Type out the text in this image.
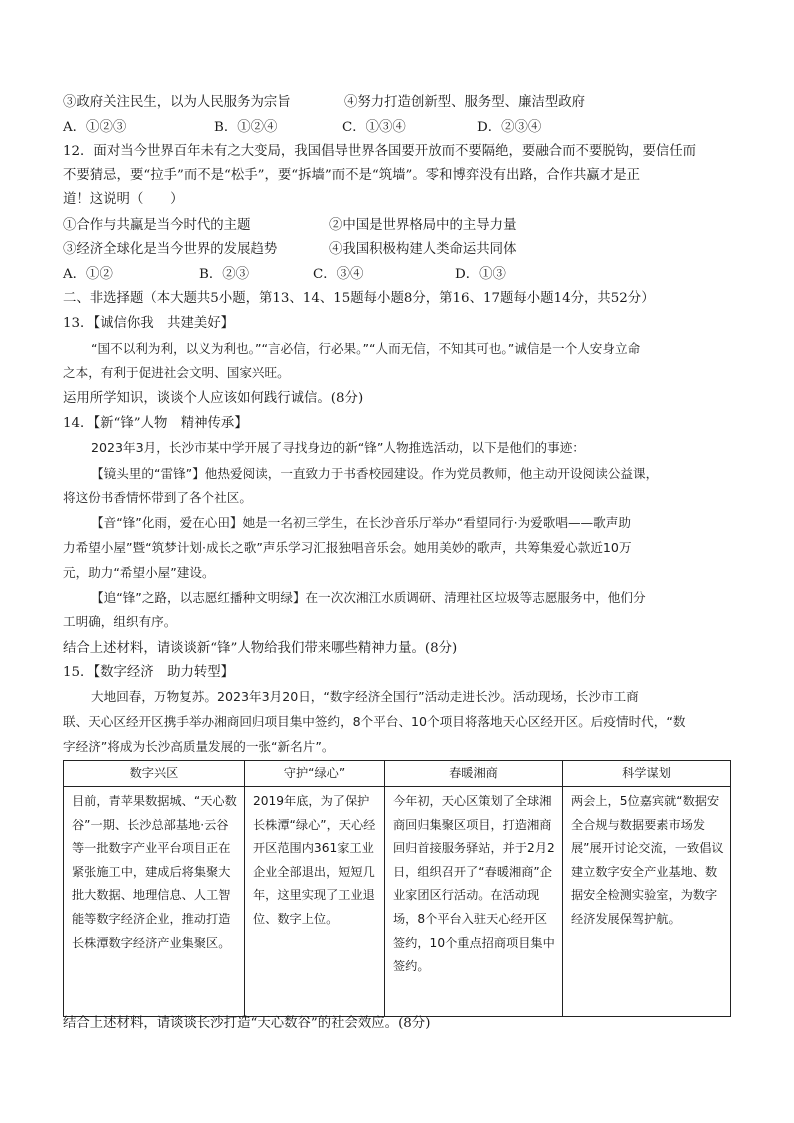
③政府关注民生，以为人民服务为宗旨	④努力打造创新型、服务型、廉洁型政府
A．①②③	B．①②④	C．①③④	D．②③④
12．面对当今世界百年未有之大变局，我国倡导世界各国要开放而不要隔绝，要融合而不要脱钩，要信任而
不要猜忌，要“拉手”而不是“松手”，要“拆墙”而不是“筑墙”。零和博弈没有出路，合作共赢才是正
道！这说明（　　）
①合作与共赢是当今时代的主题	②中国是世界格局中的主导力量
③经济全球化是当今世界的发展趋势	④我国积极构建人类命运共同体
A．①②	B．②③	C．③④	D．①③
二、非选择题（本大题共5小题，第13、14、15题每小题8分，第16、17题每小题14分，共52分）
13．【诚信你我　共建美好】
“国不以利为利，以义为利也。”“言必信，行必果。”“人而无信，不知其可也。”诚信是一个人安身立命
之本，有利于促进社会文明、国家兴旺。
运用所学知识，谈谈个人应该如何践行诚信。(8分)
14．【新“锋”人物　精神传承】
2023年3月，长沙市某中学开展了寻找身边的新“锋”人物推选活动，以下是他们的事迹：
【镜头里的“雷锋”】他热爱阅读，一直致力于书香校园建设。作为党员教师，他主动开设阅读公益课，
将这份书香情怀带到了各个社区。
【音“锋”化雨，爱在心田】她是一名初三学生，在长沙音乐厅举办“看望同行·为爱歌唱——歌声助
力希望小屋”暨“筑梦计划·成长之歌”声乐学习汇报独唱音乐会。她用美妙的歌声，共筹集爱心款近10万
元，助力“希望小屋”建设。
【追“锋”之路，以志愿红播种文明绿】在一次次湘江水质调研、清理社区垃圾等志愿服务中，他们分
工明确，组织有序。
结合上述材料，请谈谈新“锋”人物给我们带来哪些精神力量。(8分)
15．【数字经济　助力转型】
大地回春，万物复苏。2023年3月20日，“数字经济全国行”活动走进长沙。活动现场，长沙市工商
联、天心区经开区携手举办湘商回归项目集中签约，8个平台、10个项目将落地天心区经开区。后疫情时代，“数
字经济”将成为长沙高质量发展的一张“新名片”。
数字兴区	守护“绿心”	春暖湘商	科学谋划
目前，青苹果数据城、“天心数谷”一期、长沙总部基地·云谷等一批数字产业平台项目正在紧张施工中，建成后将集聚大批大数据、地理信息、人工智能等数字经济企业，推动打造长株潭数字经济产业集聚区。	2019年底，为了保护长株潭“绿心”，天心经开区范围内361家工业企业全部退出，短短几年，这里实现了工业退位、数字上位。	今年初，天心区策划了全球湘商回归集聚区项目，打造湘商回归首接服务驿站，并于2月2日，组织召开了“春暖湘商”企业家团区行活动。在活动现场，8个平台入驻天心经开区签约，10个重点招商项目集中签约。	两会上，5位嘉宾就“数据安全合规与数据要素市场发展”展开讨论交流，一致倡议建立数字安全产业基地、数据安全检测实验室，为数字经济发展保驾护航。
结合上述材料，请谈谈长沙打造“天心数谷”的社会效应。(8分)
